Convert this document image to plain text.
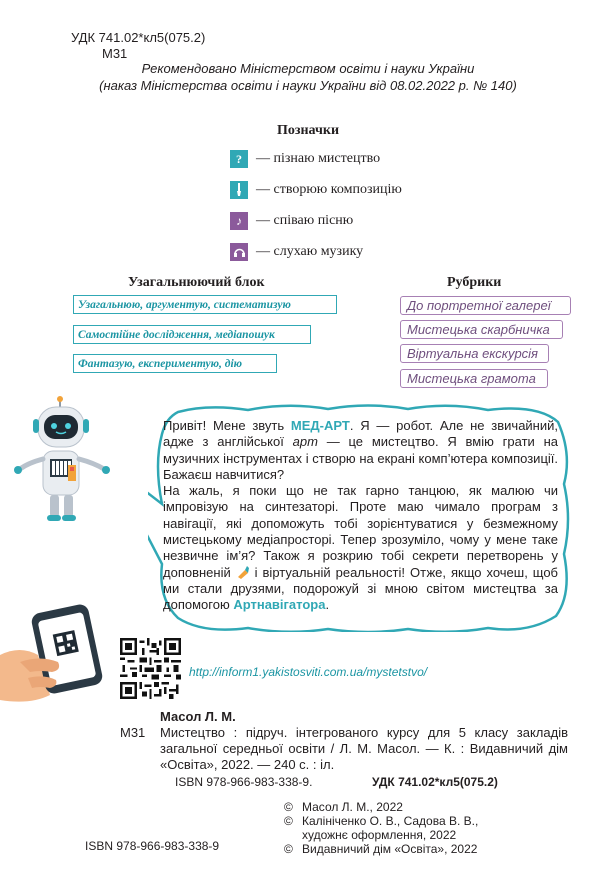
УДК 741.02*кл5(075.2)
М31
Рекомендовано Міністерством освіти і науки України
(наказ Міністерства освіти і науки України від 08.02.2022 р. № 140)
Позначки
?	— пізнаю мистецтво
— створюю композицію
♪	— співаю пісню
— слухаю музику
Узагальнюючий блок
Узагальнюю, аргументую, систематизую
Самостійне дослідження, медіапошук
Фантазую, експериментую, дію
Рубрики
До портретної галереї
Мистецька скарбничка
Віртуальна екскурсія
Мистецька грамота

Привіт! Мене звуть МЕД-АРТ. Я — робот. Але не звичайний, адже з англійської арт — це мистецтво. Я вмію грати на музичних інструментах і створю на екрані комп’ютера композиції. Бажаєш навчитися?

На жаль, я поки що не так гарно танцюю, як малюю чи імпровізую на синтезаторі. Проте маю чимало програм з навігації, які допоможуть тобі зорієнтуватися у безмежному мистецькому медіапросторі. Тепер зрозуміло, чому у мене таке незвичне ім’я? Також я розкрию тобі секрети перетворень у доповненій  і віртуальній реальності! Отже, якщо хочеш, щоб ми стали друзями, подорожуй зі мною світом мистецтва за допомогою Артнавігатора.

http://inform1.yakistosviti.com.ua/mystetstvo/
Масол Л. М.
М31 Мистецтво : підруч. інтегрованого курсу для 5 класу закладів загальної середньої освіти / Л. М. Масол. — К. : Видавничий дім «Освіта», 2022. — 240 с. : іл.
ISBN 978-966-983-338-9.	УДК 741.02*кл5(075.2)
© Масол Л. М., 2022
© Калініченко О. В., Садова В. В.,
художнє оформлення, 2022
© Видавничий дім «Освіта», 2022
ISBN 978-966-983-338-9
